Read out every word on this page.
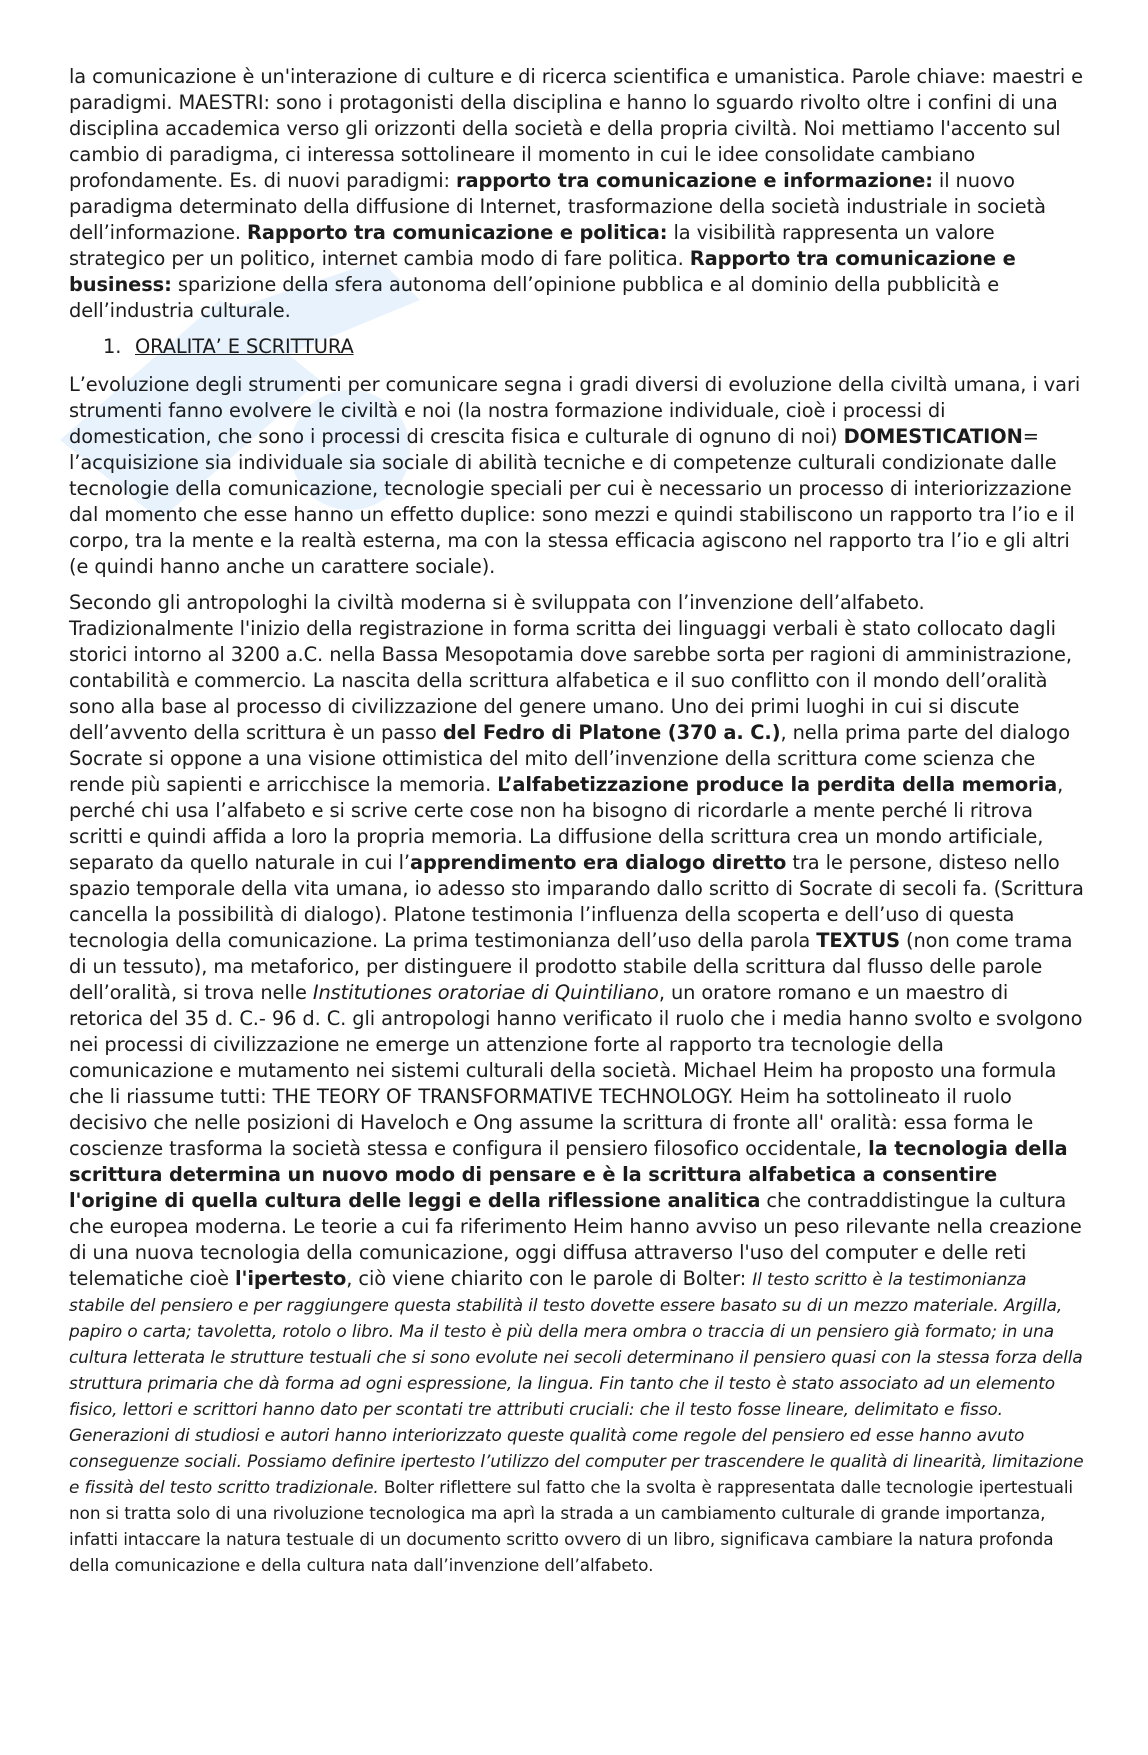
la comunicazione è un'interazione di culture e di ricerca scientifica e umanistica. Parole chiave: maestri e paradigmi. MAESTRI: sono i protagonisti della disciplina e hanno lo sguardo rivolto oltre i confini di una disciplina accademica verso gli orizzonti della società e della propria civiltà. Noi mettiamo l'accento sul cambio di paradigma, ci interessa sottolineare il momento in cui le idee consolidate cambiano profondamente. Es. di nuovi paradigmi: rapporto tra comunicazione e informazione: il nuovo paradigma determinato della diffusione di Internet, trasformazione della società industriale in società dell’informazione. Rapporto tra comunicazione e politica: la visibilità rappresenta un valore strategico per un politico, internet cambia modo di fare politica. Rapporto tra comunicazione e business: sparizione della sfera autonoma dell’opinione pubblica e al dominio della pubblicità e dell’industria culturale.

1. ORALITA’ E SCRITTURA

L’evoluzione degli strumenti per comunicare segna i gradi diversi di evoluzione della civiltà umana, i vari strumenti fanno evolvere le civiltà e noi (la nostra formazione individuale, cioè i processi di domestication, che sono i processi di crescita fisica e culturale di ognuno di noi) DOMESTICATION= l’acquisizione sia individuale sia sociale di abilità tecniche e di competenze culturali condizionate dalle tecnologie della comunicazione, tecnologie speciali per cui è necessario un processo di interiorizzazione dal momento che esse hanno un effetto duplice: sono mezzi e quindi stabiliscono un rapporto tra l’io e il corpo, tra la mente e la realtà esterna, ma con la stessa efficacia agiscono nel rapporto tra l’io e gli altri (e quindi hanno anche un carattere sociale).

Secondo gli antropologhi la civiltà moderna si è sviluppata con l’invenzione dell’alfabeto. Tradizionalmente l'inizio della registrazione in forma scritta dei linguaggi verbali è stato collocato dagli storici intorno al 3200 a.C. nella Bassa Mesopotamia dove sarebbe sorta per ragioni di amministrazione, contabilità e commercio. La nascita della scrittura alfabetica e il suo conflitto con il mondo dell’oralità sono alla base al processo di civilizzazione del genere umano. Uno dei primi luoghi in cui si discute dell’avvento della scrittura è un passo del Fedro di Platone (370 a. C.), nella prima parte del dialogo Socrate si oppone a una visione ottimistica del mito dell’invenzione della scrittura come scienza che rende più sapienti e arricchisce la memoria. L’alfabetizzazione produce la perdita della memoria, perché chi usa l’alfabeto e si scrive certe cose non ha bisogno di ricordarle a mente perché li ritrova scritti e quindi affida a loro la propria memoria. La diffusione della scrittura crea un mondo artificiale, separato da quello naturale in cui l’apprendimento era dialogo diretto tra le persone, disteso nello spazio temporale della vita umana, io adesso sto imparando dallo scritto di Socrate di secoli fa. (Scrittura cancella la possibilità di dialogo). Platone testimonia l’influenza della scoperta e dell’uso di questa tecnologia della comunicazione. La prima testimonianza dell’uso della parola TEXTUS (non come trama di un tessuto), ma metaforico, per distinguere il prodotto stabile della scrittura dal flusso delle parole dell’oralità, si trova nelle Institutiones oratoriae di Quintiliano, un oratore romano e un maestro di retorica del 35 d. C.- 96 d. C. gli antropologi hanno verificato il ruolo che i media hanno svolto e svolgono nei processi di civilizzazione ne emerge un attenzione forte al rapporto tra tecnologie della comunicazione e mutamento nei sistemi culturali della società. Michael Heim ha proposto una formula che li riassume tutti: THE TEORY OF TRANSFORMATIVE TECHNOLOGY. Heim ha sottolineato il ruolo decisivo che nelle posizioni di Haveloch e Ong assume la scrittura di fronte all' oralità: essa forma le coscienze trasforma la società stessa e configura il pensiero filosofico occidentale, la tecnologia della scrittura determina un nuovo modo di pensare e è la scrittura alfabetica a consentire l'origine di quella cultura delle leggi e della riflessione analitica che contraddistingue la cultura che europea moderna. Le teorie a cui fa riferimento Heim hanno avviso un peso rilevante nella creazione di una nuova tecnologia della comunicazione, oggi diffusa attraverso l'uso del computer e delle reti telematiche cioè l'ipertesto, ciò viene chiarito con le parole di Bolter: Il testo scritto è la testimonianza stabile del pensiero e per raggiungere questa stabilità il testo dovette essere basato su di un mezzo materiale. Argilla, papiro o carta; tavoletta, rotolo o libro. Ma il testo è più della mera ombra o traccia di un pensiero già formato; in una cultura letterata le strutture testuali che si sono evolute nei secoli determinano il pensiero quasi con la stessa forza della struttura primaria che dà forma ad ogni espressione, la lingua. Fin tanto che il testo è stato associato ad un elemento fisico, lettori e scrittori hanno dato per scontati tre attributi cruciali: che il testo fosse lineare, delimitato e fisso. Generazioni di studiosi e autori hanno interiorizzato queste qualità come regole del pensiero ed esse hanno avuto conseguenze sociali. Possiamo definire ipertesto l’utilizzo del computer per trascendere le qualità di linearità, limitazione e fissità del testo scritto tradizionale. Bolter riflettere sul fatto che la svolta è rappresentata dalle tecnologie ipertestuali non si tratta solo di una rivoluzione tecnologica ma aprì la strada a un cambiamento culturale di grande importanza, infatti intaccare la natura testuale di un documento scritto ovvero di un libro, significava cambiare la natura profonda della comunicazione e della cultura nata dall’invenzione dell’alfabeto.
